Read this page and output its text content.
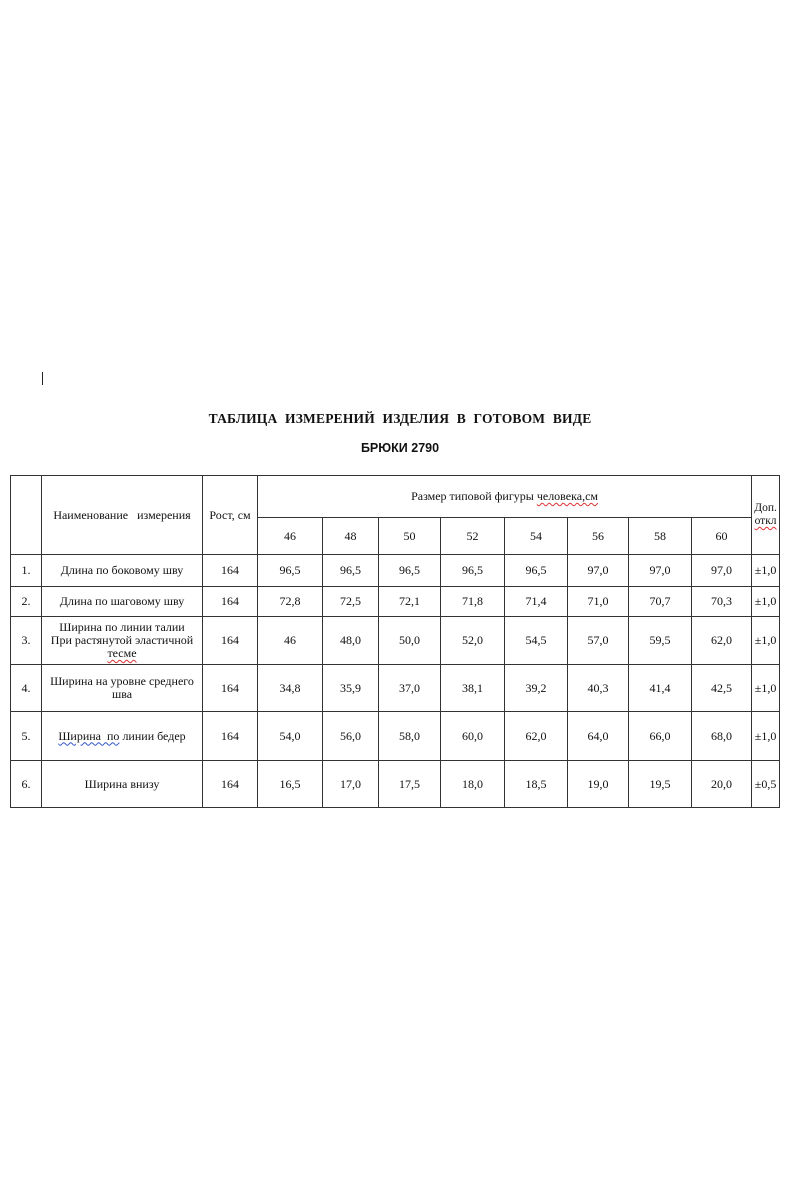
ТАБЛИЦА ИЗМЕРЕНИЙ ИЗДЕЛИЯ В ГОТОВОМ ВИДЕ
БРЮКИ 2790
	Наименование   измерения	Рост, см	Размер типовой фигуры человека,см								Доп.
откл
			46	48	50	52	54	56	58	60	
1.	Длина по боковому шву	164	96,5	96,5	96,5	96,5	96,5	97,0	97,0	97,0	±1,0
2.	Длина по шаговому шву	164	72,8	72,5	72,1	71,8	71,4	71,0	70,7	70,3	±1,0
3.	Ширина по линии талии
При растянутой эластичной
тесме	164	46	48,0	50,0	52,0	54,5	57,0	59,5	62,0	±1,0
4.	Ширина на уровне среднего
шва	164	34,8	35,9	37,0	38,1	39,2	40,3	41,4	42,5	±1,0
5.	Ширина  по линии бедер	164	54,0	56,0	58,0	60,0	62,0	64,0	66,0	68,0	±1,0
6.	Ширина внизу	164	16,5	17,0	17,5	18,0	18,5	19,0	19,5	20,0	±0,5
